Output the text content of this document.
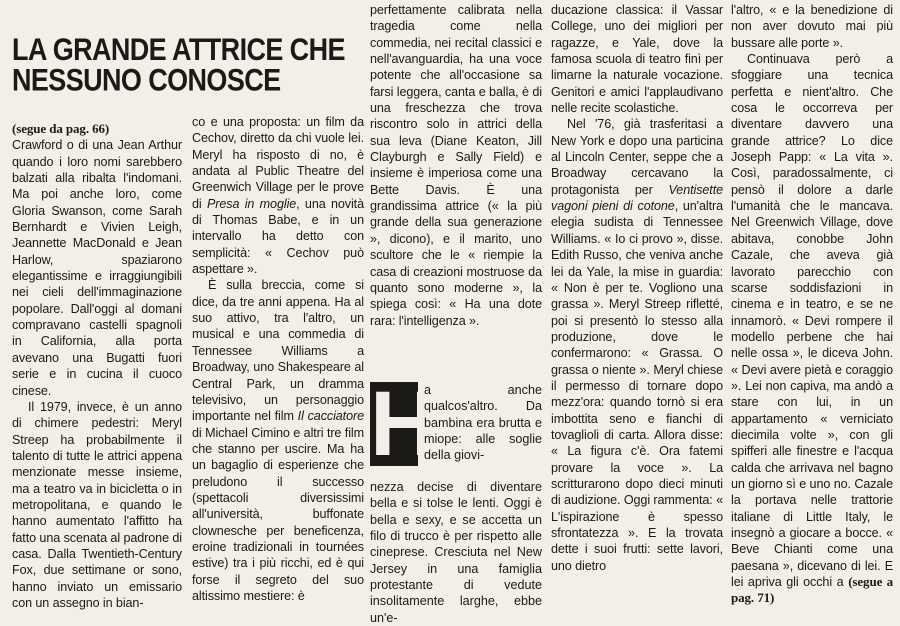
LA GRANDE ATTRICE CHE NESSUNO CONOSCE

(segue da pag. 66)

Crawford o di una Jean Arthur quando i loro nomi sarebbero balzati alla ribalta l'indomani. Ma poi anche loro, come Gloria Swanson, come Sarah Bernhardt e Vivien Leigh, Jeannette MacDonald e Jean Harlow, spaziarono elegantissime e irraggiungibili nei cieli dell'immaginazione popolare. Dall'oggi al domani compravano castelli spagnoli in California, alla porta avevano una Bugatti fuori serie e in cucina il cuoco cinese.

Il 1979, invece, è un anno di chimere pedestri: Meryl Streep ha probabilmente il talento di tutte le attrici appena menzionate messe insieme, ma a teatro va in bicicletta o in metropolitana, e quando le hanno aumentato l'affitto ha fatto una scenata al padrone di casa. Dalla Twentieth-Century Fox, due settimane or sono, hanno inviato un emissario con un assegno in bian-

co e una proposta: un film da Cechov, diretto da chi vuole lei. Meryl ha risposto di no, è andata al Public Theatre del Greenwich Village per le prove di Presa in moglie, una novità di Thomas Babe, e in un intervallo ha detto con semplicità: « Cechov può aspettare ».

È sulla breccia, come si dice, da tre anni appena. Ha al suo attivo, tra l'altro, un musical e una commedia di Tennessee Williams a Broadway, uno Shakespeare al Central Park, un dramma televisivo, un personaggio importante nel film Il cacciatore di Michael Cimino e altri tre film che stanno per uscire. Ma ha un bagaglio di esperienze che preludono il successo (spettacoli diversissimi all'università, buffonate clownesche per beneficenza, eroine tradizionali in tournées estive) tra i più ricchi, ed è qui forse il segreto del suo altissimo mestiere: è

perfettamente calibrata nella tragedia come nella commedia, nei recital classici e nell'avanguardia, ha una voce potente che all'occasione sa farsi leggera, canta e balla, è di una freschezza che trova riscontro solo in attrici della sua leva (Diane Keaton, Jill Clayburgh e Sally Field) e insieme è imperiosa come una Bette Davis. È una grandissima attrice (« la più grande della sua generazione », dicono), e il marito, uno scultore che le « riempie la casa di creazioni mostruose da quanto sono moderne », la spiega così: « Ha una dote rara: l'intelligenza ».

H
a anche qualcos'altro. Da bambina era brutta e miope: alle soglie della giovi-
nezza decise di diventare bella e si tolse le lenti. Oggi è bella e sexy, e se accetta un filo di trucco è per rispetto alle cineprese. Cresciuta nel New Jersey in una famiglia protestante di vedute insolitamente larghe, ebbe un'e-

ducazione classica: il Vassar College, uno dei migliori per ragazze, e Yale, dove la famosa scuola di teatro finì per limarne la naturale vocazione. Genitori e amici l'applaudivano nelle recite scolastiche.

Nel '76, già trasferitasi a New York e dopo una particina al Lincoln Center, seppe che a Broadway cercavano la protagonista per Ventisette vagoni pieni di cotone, un'altra elegia sudista di Tennessee Williams. « Io ci provo », disse. Edith Russo, che veniva anche lei da Yale, la mise in guardia: « Non è per te. Vogliono una grassa ». Meryl Streep rifletté, poi si presentò lo stesso alla produzione, dove le confermarono: « Grassa. O grassa o niente ». Meryl chiese il permesso di tornare dopo mezz'ora: quando tornò si era imbottita seno e fianchi di tovaglioli di carta. Allora disse: « La figura c'è. Ora fatemi provare la voce ». La scritturarono dopo dieci minuti di audizione. Oggi rammenta: « L'ispirazione è spesso sfrontatezza ». E la trovata dette i suoi frutti: sette lavori, uno dietro

l'altro, « e la benedizione di non aver dovuto mai più bussare alle porte ».

Continuava però a sfoggiare una tecnica perfetta e nient'altro. Che cosa le occorreva per diventare davvero una grande attrice? Lo dice Joseph Papp: « La vita ». Così, paradossalmente, ci pensò il dolore a darle l'umanità che le mancava. Nel Greenwich Village, dove abitava, conobbe John Cazale, che aveva già lavorato parecchio con scarse soddisfazioni in cinema e in teatro, e se ne innamorò. « Devi rompere il modello perbene che hai nelle ossa », le diceva John. « Devi avere pietà e coraggio ». Lei non capiva, ma andò a stare con lui, in un appartamento « verniciato diecimila volte », con gli spifferi alle finestre e l'acqua calda che arrivava nel bagno un giorno sì e uno no. Cazale la portava nelle trattorie italiane di Little Italy, le insegnò a giocare a bocce. « Beve Chianti come una paesana », dicevano di lei. E lei apriva gli occhi a (segue a pag. 71)
